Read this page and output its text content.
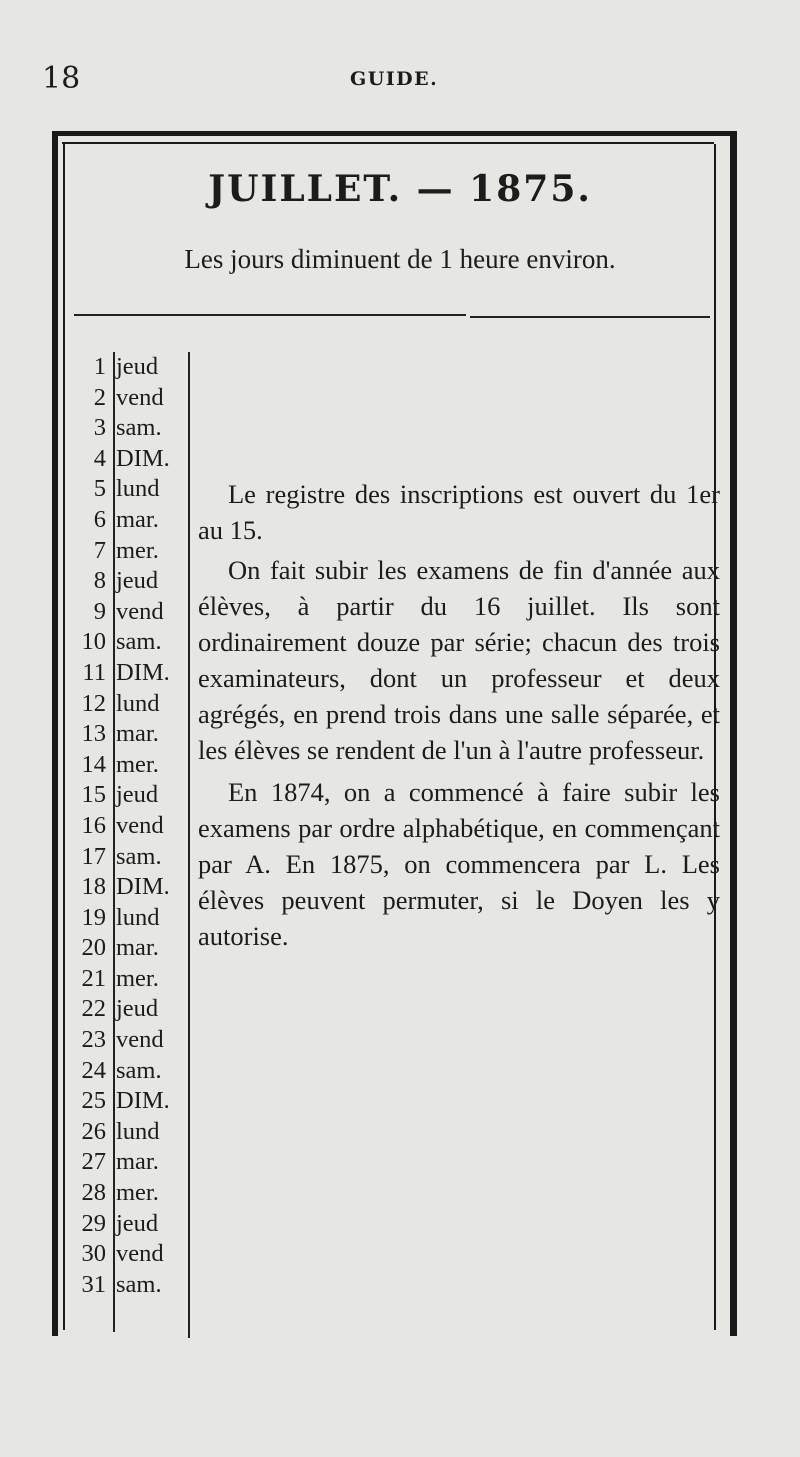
18	GUIDE.
JUILLET. — 1875.
Les jours diminuent de 1 heure environ.
1 jeud
2 vend
3 sam.
4 DIM.
5 lund
6 mar.
7 mer.
8 jeud
9 vend
10 sam.
11 DIM.
12 lund
13 mar.
14 mer.
15 jeud
16 vend
17 sam.
18 DIM.
19 lund
20 mar.
21 mer.
22 jeud
23 vend
24 sam.
25 DIM.
26 lund
27 mar.
28 mer.
29 jeud
30 vend
31 sam.

Le registre des inscriptions est ouvert du 1er au 15.

On fait subir les examens de fin d'année aux élèves, à partir du 16 juillet. Ils sont ordinairement douze par série; chacun des trois examinateurs, dont un professeur et deux agrégés, en prend trois dans une salle séparée, et les élèves se rendent de l'un à l'autre professeur.

En 1874, on a commencé à faire subir les examens par ordre alphabétique, en commençant par A. En 1875, on commencera par L. Les élèves peuvent permuter, si le Doyen les y autorise.
